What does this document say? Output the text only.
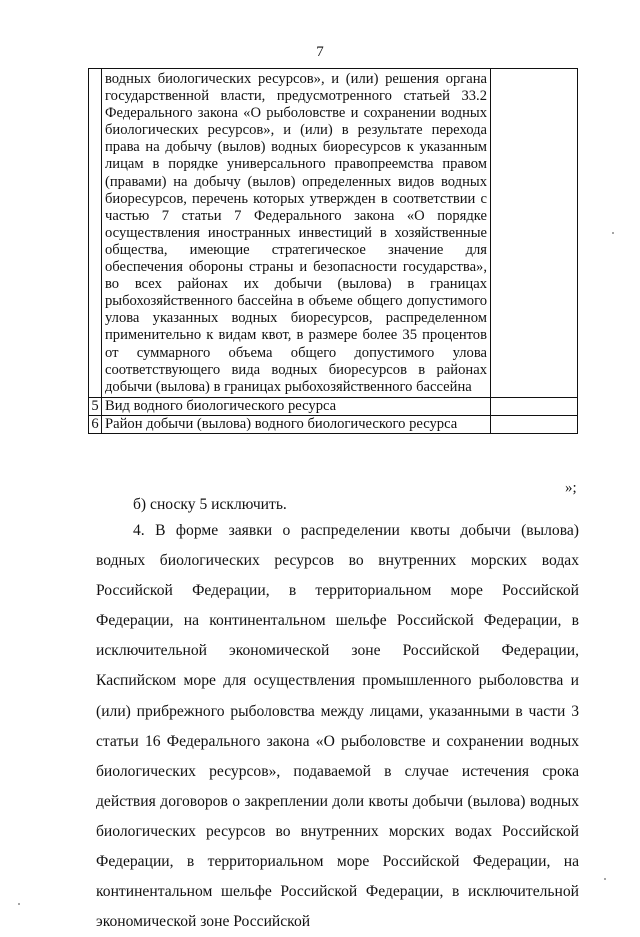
7
	водных биологических ресурсов», и (или) решения органа государственной власти, предусмотренного статьей 33.2 Федерального закона «О рыболовстве и сохранении водных биологических ресурсов», и (или) в результате перехода права на добычу (вылов) водных биоресурсов к указанным лицам в порядке универсального правопреемства правом (правами) на добычу (вылов) определенных видов водных биоресурсов, перечень которых утвержден в соответствии с частью 7 статьи 7 Федерального закона «О порядке осуществления иностранных инвестиций в хозяйственные общества, имеющие стратегическое значение для обеспечения обороны страны и безопасности государства», во всех районах их добычи (вылова) в границах рыбохозяйственного бассейна в объеме общего допустимого улова указанных водных биоресурсов, распределенном применительно к видам квот, в размере более 35 процентов от суммарного объема общего допустимого улова соответствующего вида водных биоресурсов в районах добычи (вылова) в границах рыбохозяйственного бассейна	
5	Вид водного биологического ресурса	
6	Район добычи (вылова) водного биологического ресурса	
»;
б) сноску 5 исключить.
4. В форме заявки о распределении квоты добычи (вылова) водных биологических ресурсов во внутренних морских водах Российской Федерации, в территориальном море Российской Федерации, на континентальном шельфе Российской Федерации, в исключительной экономической зоне Российской Федерации, Каспийском море для осуществления промышленного рыболовства и (или) прибрежного рыболовства между лицами, указанными в части 3 статьи 16 Федерального закона «О рыболовстве и сохранении водных биологических ресурсов», подаваемой в случае истечения срока действия договоров о закреплении доли квоты добычи (вылова) водных биологических ресурсов во внутренних морских водах Российской Федерации, в территориальном море Российской Федерации, на континентальном шельфе Российской Федерации, в исключительной экономической зоне Российской
